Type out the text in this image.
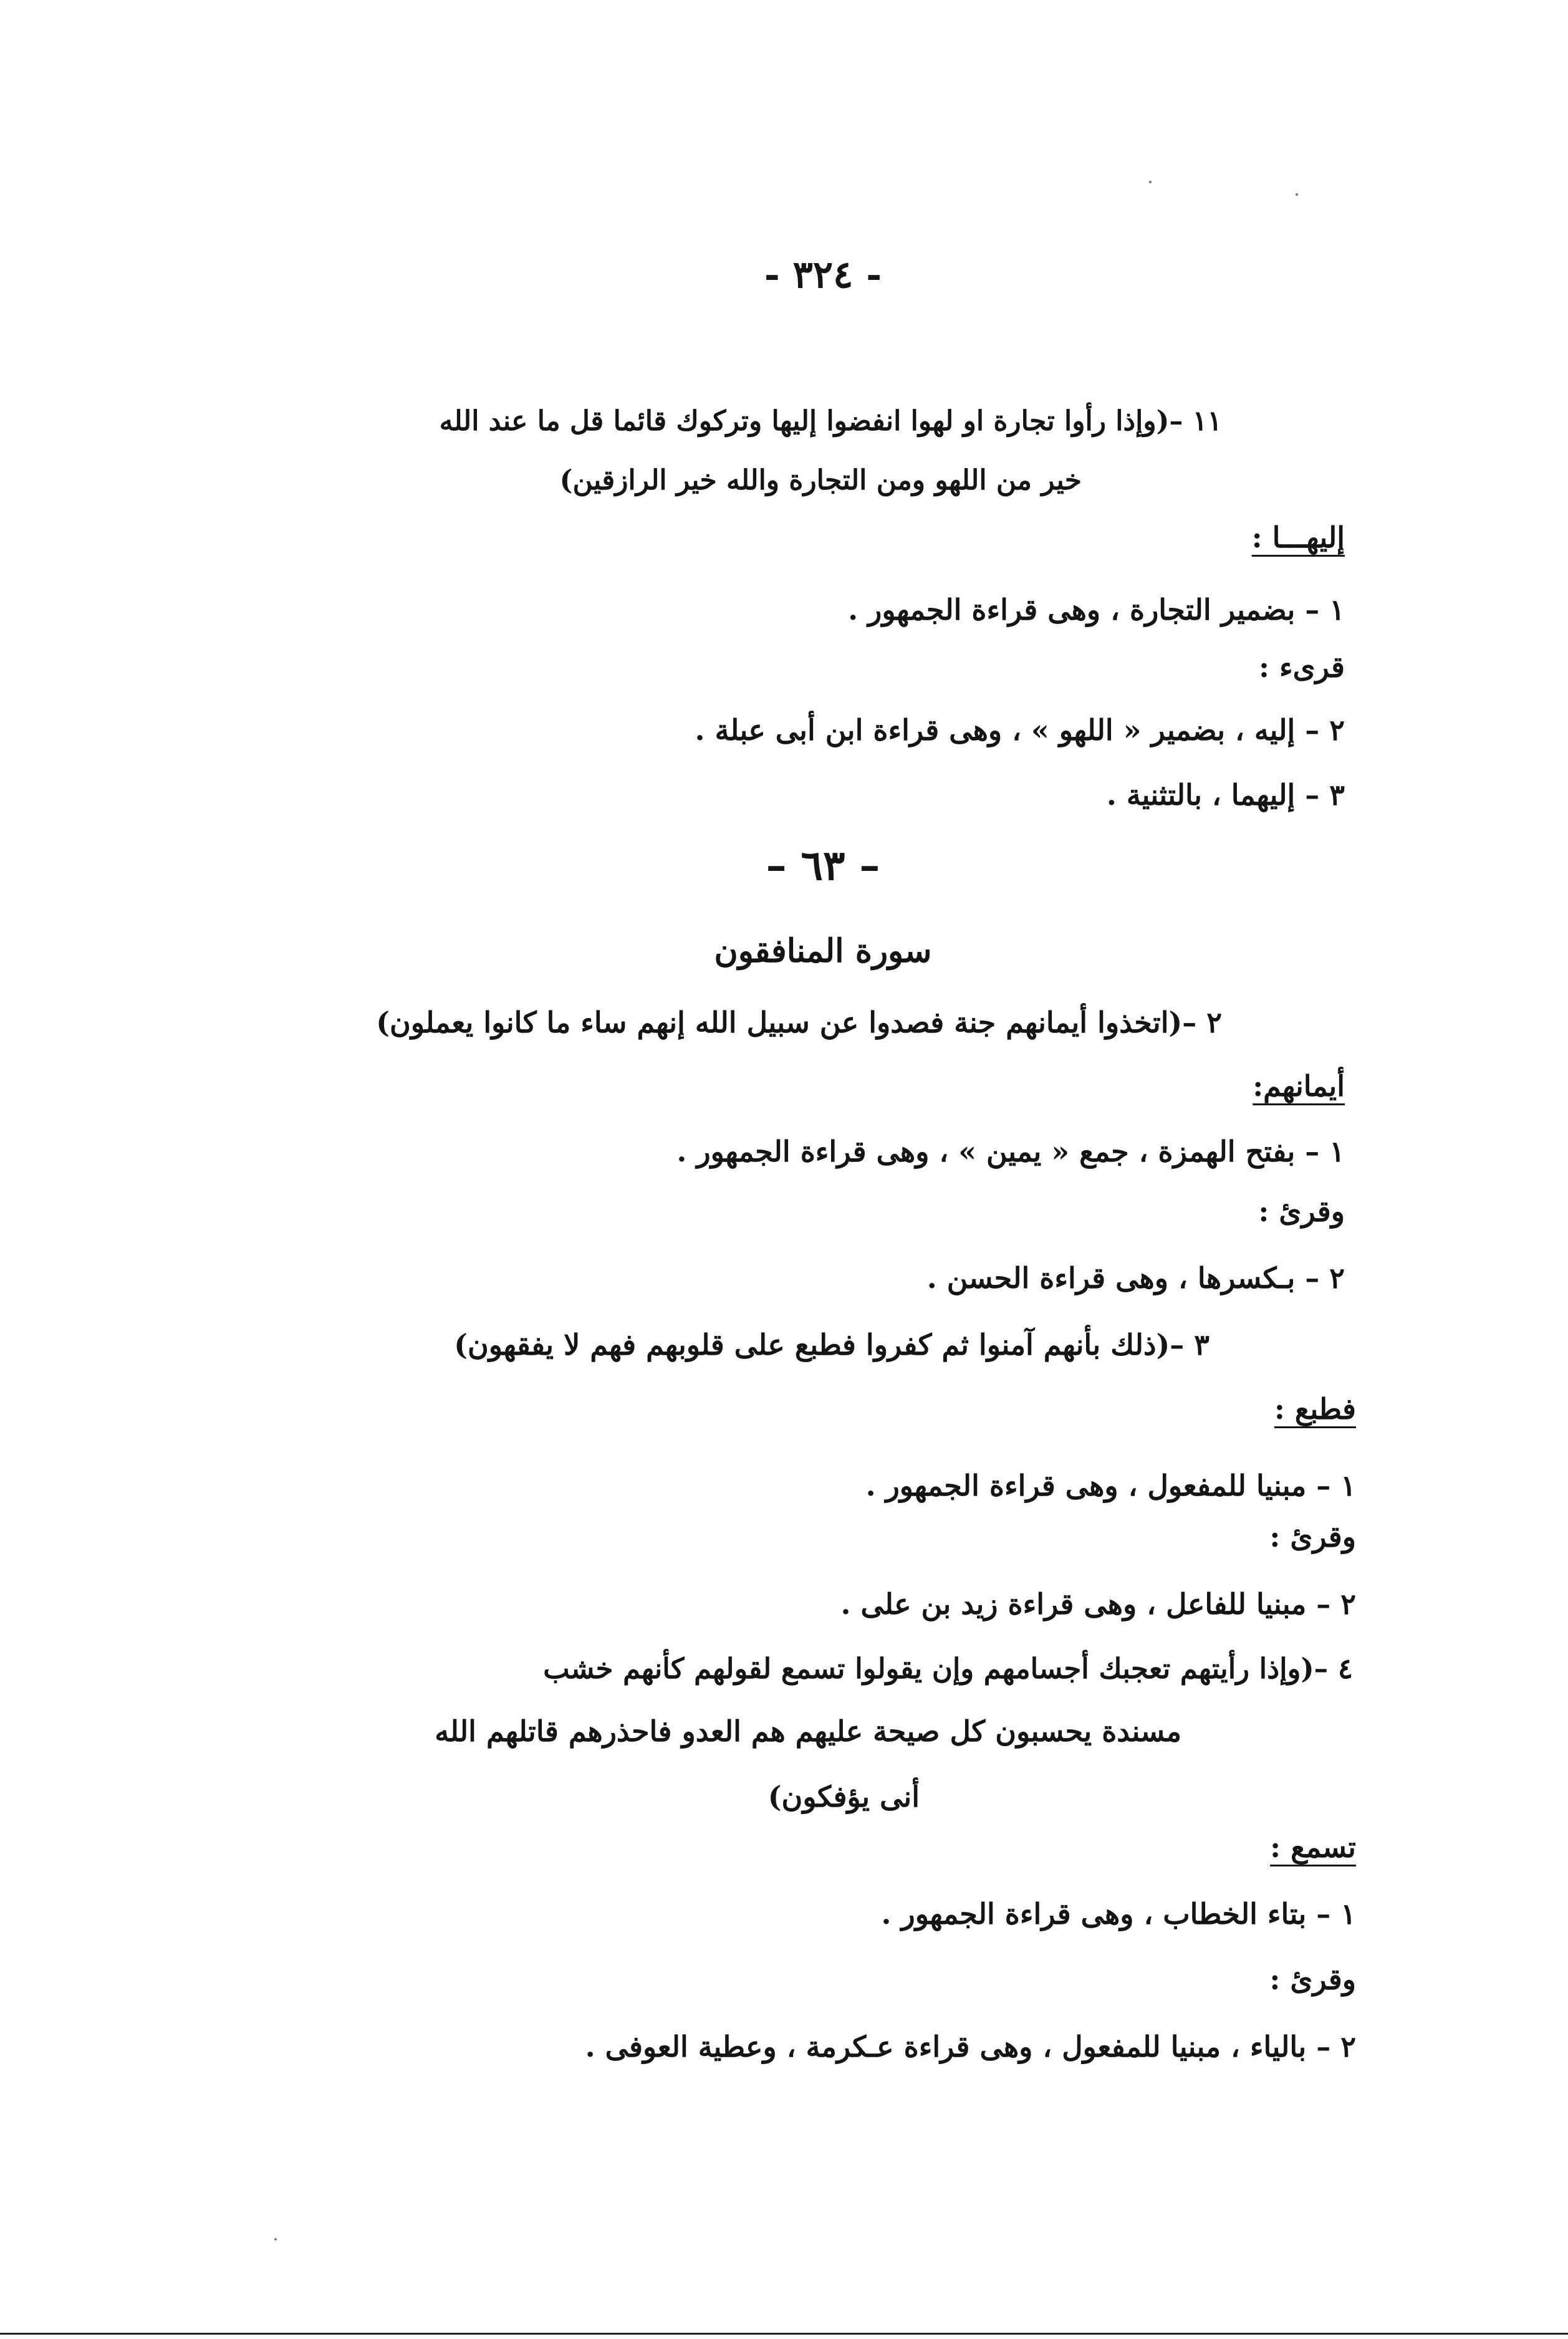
- ٣٢٤ -
١١ –(وإذا رأوا تجارة او لهوا انفضوا إليها وتركوك قائما قل ما عند الله
خير من اللهو ومن التجارة والله خير الرازقين)
إليهـــا :
١ – بضمير التجارة ، وهى قراءة الجمهور .
قرىء :
٢ – إليه ، بضمير « اللهو » ، وهى قراءة ابن أبى عبلة .
٣ – إليهما ، بالتثنية .
– ٦٣ –
سورة المنافقون
٢ –(اتخذوا أيمانهم جنة فصدوا عن سبيل الله إنهم ساء ما كانوا يعملون)
أيمانهم:
١ – بفتح الهمزة ، جمع « يمين » ، وهى قراءة الجمهور .
وقرئ :
٢ – بـكسرها ، وهى قراءة الحسن .
٣ –(ذلك بأنهم آمنوا ثم كفروا فطبع على قلوبهم فهم لا يفقهون)
فطبع :
١ – مبنيا للمفعول ، وهى قراءة الجمهور .
وقرئ :
٢ – مبنيا للفاعل ، وهى قراءة زيد بن على .
٤ –(وإذا رأيتهم تعجبك أجسامهم وإن يقولوا تسمع لقولهم كأنهم خشب
مسندة يحسبون كل صيحة عليهم هم العدو فاحذرهم قاتلهم الله
أنى يؤفكون)
تسمع :
١ – بتاء الخطاب ، وهى قراءة الجمهور .
وقرئ :
٢ – بالياء ، مبنيا للمفعول ، وهى قراءة عـكرمة ، وعطية العوفى .
